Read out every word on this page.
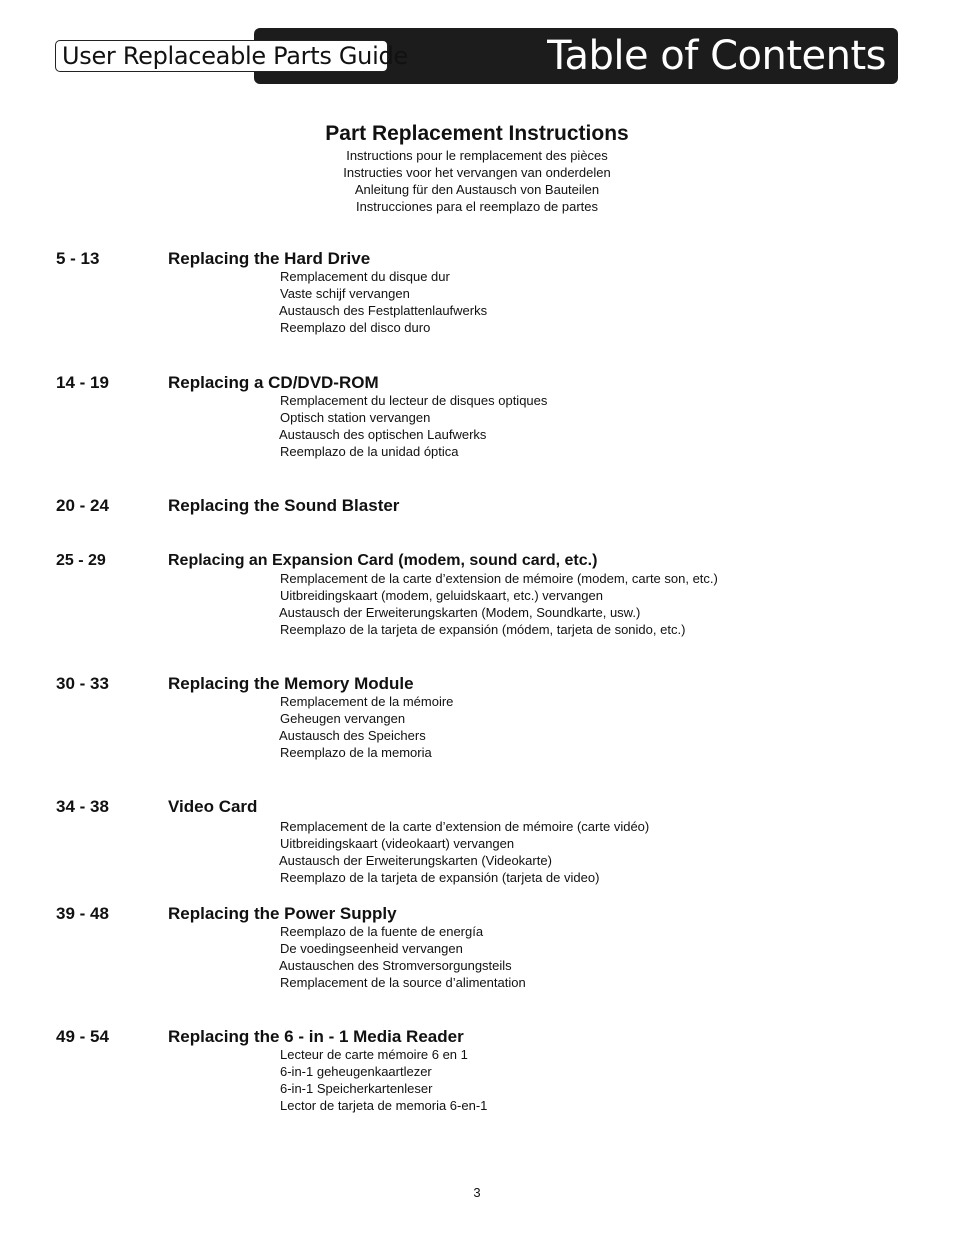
User Replaceable Parts Guide	Table of Contents
Part Replacement Instructions
Instructions pour le remplacement des pièces
Instructies voor het vervangen van onderdelen
Anleitung für den Austausch von Bauteilen
Instrucciones para el reemplazo de partes
5 - 13	Replacing the Hard Drive
Remplacement du disque dur
Vaste schijf vervangen
Austausch des Festplattenlaufwerks
Reemplazo del disco duro
14 - 19	Replacing a CD/DVD-ROM
Remplacement du lecteur de disques optiques
Optisch station vervangen
Austausch des optischen Laufwerks
Reemplazo de la unidad óptica
20 - 24	Replacing the Sound Blaster
25 - 29	Replacing an Expansion Card (modem, sound card, etc.)
Remplacement de la carte d’extension de mémoire (modem, carte son, etc.)
Uitbreidingskaart (modem, geluidskaart, etc.) vervangen
Austausch der Erweiterungskarten (Modem, Soundkarte, usw.)
Reemplazo de la tarjeta de expansión (módem, tarjeta de sonido, etc.)
30 - 33	Replacing the Memory Module
Remplacement de la mémoire
Geheugen vervangen
Austausch des Speichers
Reemplazo de la memoria
34 - 38	Video Card
Remplacement de la carte d’extension de mémoire (carte vidéo)
Uitbreidingskaart (videokaart) vervangen
Austausch der Erweiterungskarten (Videokarte)
Reemplazo de la tarjeta de expansión (tarjeta de video)
39 - 48	Replacing the Power Supply
Reemplazo de la fuente de energía
De voedingseenheid vervangen
Austauschen des Stromversorgungsteils
Remplacement de la source d’alimentation
49 - 54	Replacing the 6 - in - 1 Media Reader
Lecteur de carte mémoire 6 en 1
6-in-1 geheugenkaartlezer
6-in-1 Speicherkartenleser
Lector de tarjeta de memoria 6-en-1
3
